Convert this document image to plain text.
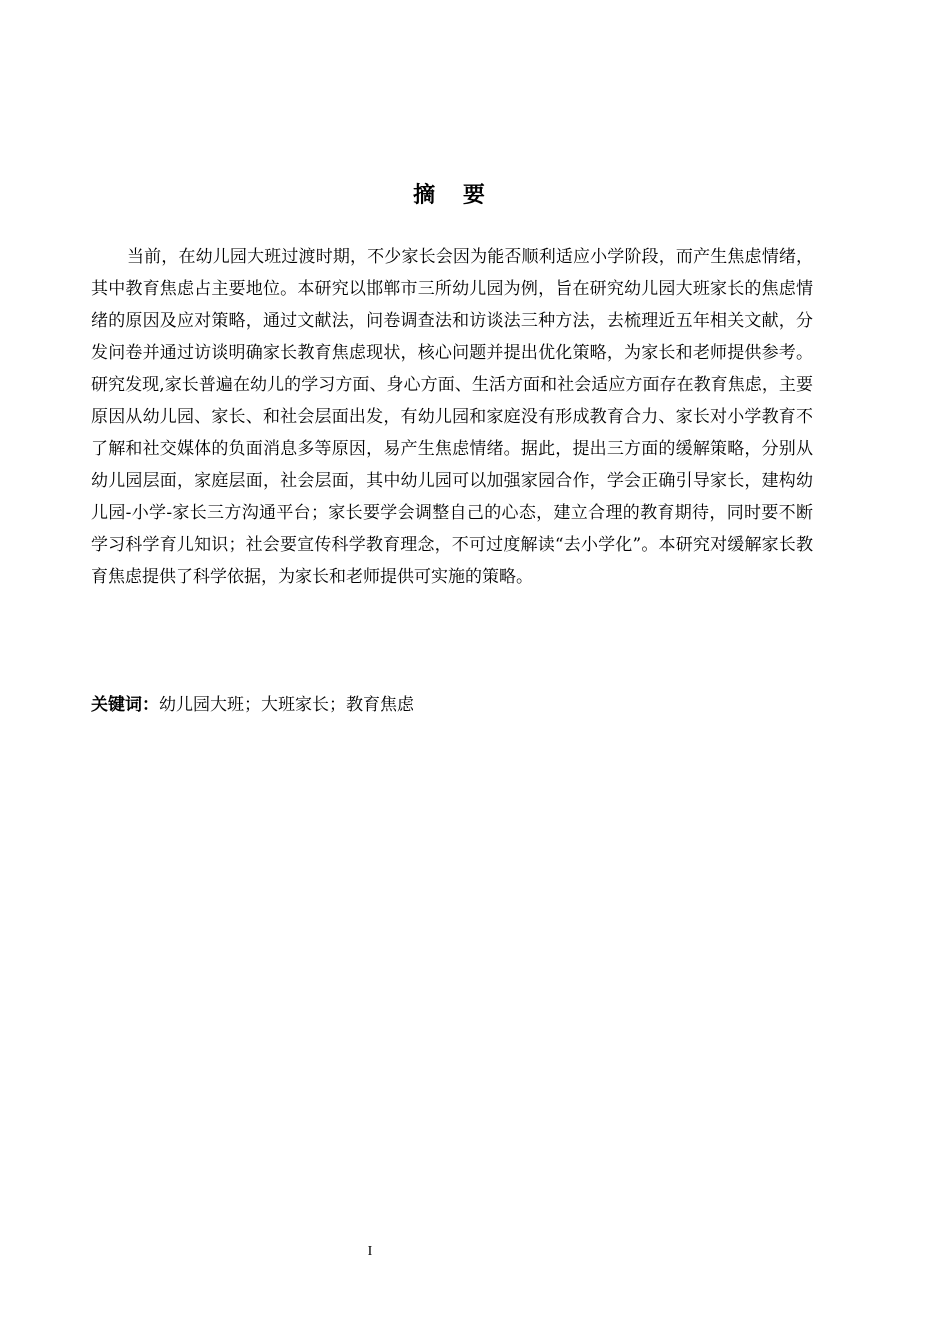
摘 要

当前，在幼儿园大班过渡时期，不少家长会因为能否顺利适应小学阶段，而产生焦虑情绪，其中教育焦虑占主要地位。本研究以邯郸市三所幼儿园为例，旨在研究幼儿园大班家长的焦虑情绪的原因及应对策略，通过文献法，问卷调查法和访谈法三种方法，去梳理近五年相关文献，分发问卷并通过访谈明确家长教育焦虑现状，核心问题并提出优化策略，为家长和老师提供参考。研究发现,家长普遍在幼儿的学习方面、身心方面、生活方面和社会适应方面存在教育焦虑，主要原因从幼儿园、家长、和社会层面出发，有幼儿园和家庭没有形成教育合力、家长对小学教育不了解和社交媒体的负面消息多等原因，易产生焦虑情绪。据此，提出三方面的缓解策略，分别从幼儿园层面，家庭层面，社会层面，其中幼儿园可以加强家园合作，学会正确引导家长，建构幼儿园-小学-家长三方沟通平台；家长要学会调整自己的心态，建立合理的教育期待，同时要不断学习科学育儿知识；社会要宣传科学教育理念，不可过度解读“去小学化”。本研究对缓解家长教育焦虑提供了科学依据，为家长和老师提供可实施的策略。

关键词：幼儿园大班；大班家长；教育焦虑

I
